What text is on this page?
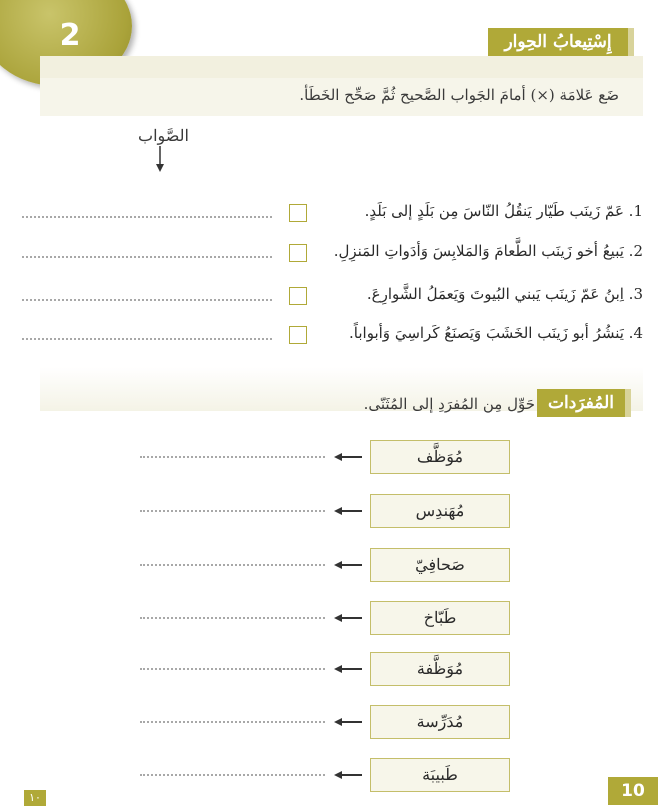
2	إِسْتِيعابُ الحِوار
ضَع عَلامَة (×) أمامَ الجَواب الصَّحيح ثُمَّ صَحِّح الخَطَأ.
الصَّواب
1. عَمّ زَينَب طَيّار يَنقُلُ النّاسَ مِن بَلَدٍ إلى بَلَدٍ.
2. يَبيعُ أخو زَينَب الطَّعامَ وَالمَلابِسَ وَأدَواتِ المَنزِلِ.
3. اِبنُ عَمّ زَينَب يَبني البُيوتَ وَيَعمَلُ الشَّوارِعَ.
4. يَنشُرُ أبو زَينَب الخَشَبَ وَيَصنَعُ كَراسِيَ وَأبواباً.
المُفرَدات
حَوِّل مِن المُفرَدِ إلى المُثَنّى.
مُوَظَّف
مُهَندِس
صَحافِيّ
طَبّاخ
مُوَظَّفة
مُدَرِّسة
طَبيبَة
١٠	10
